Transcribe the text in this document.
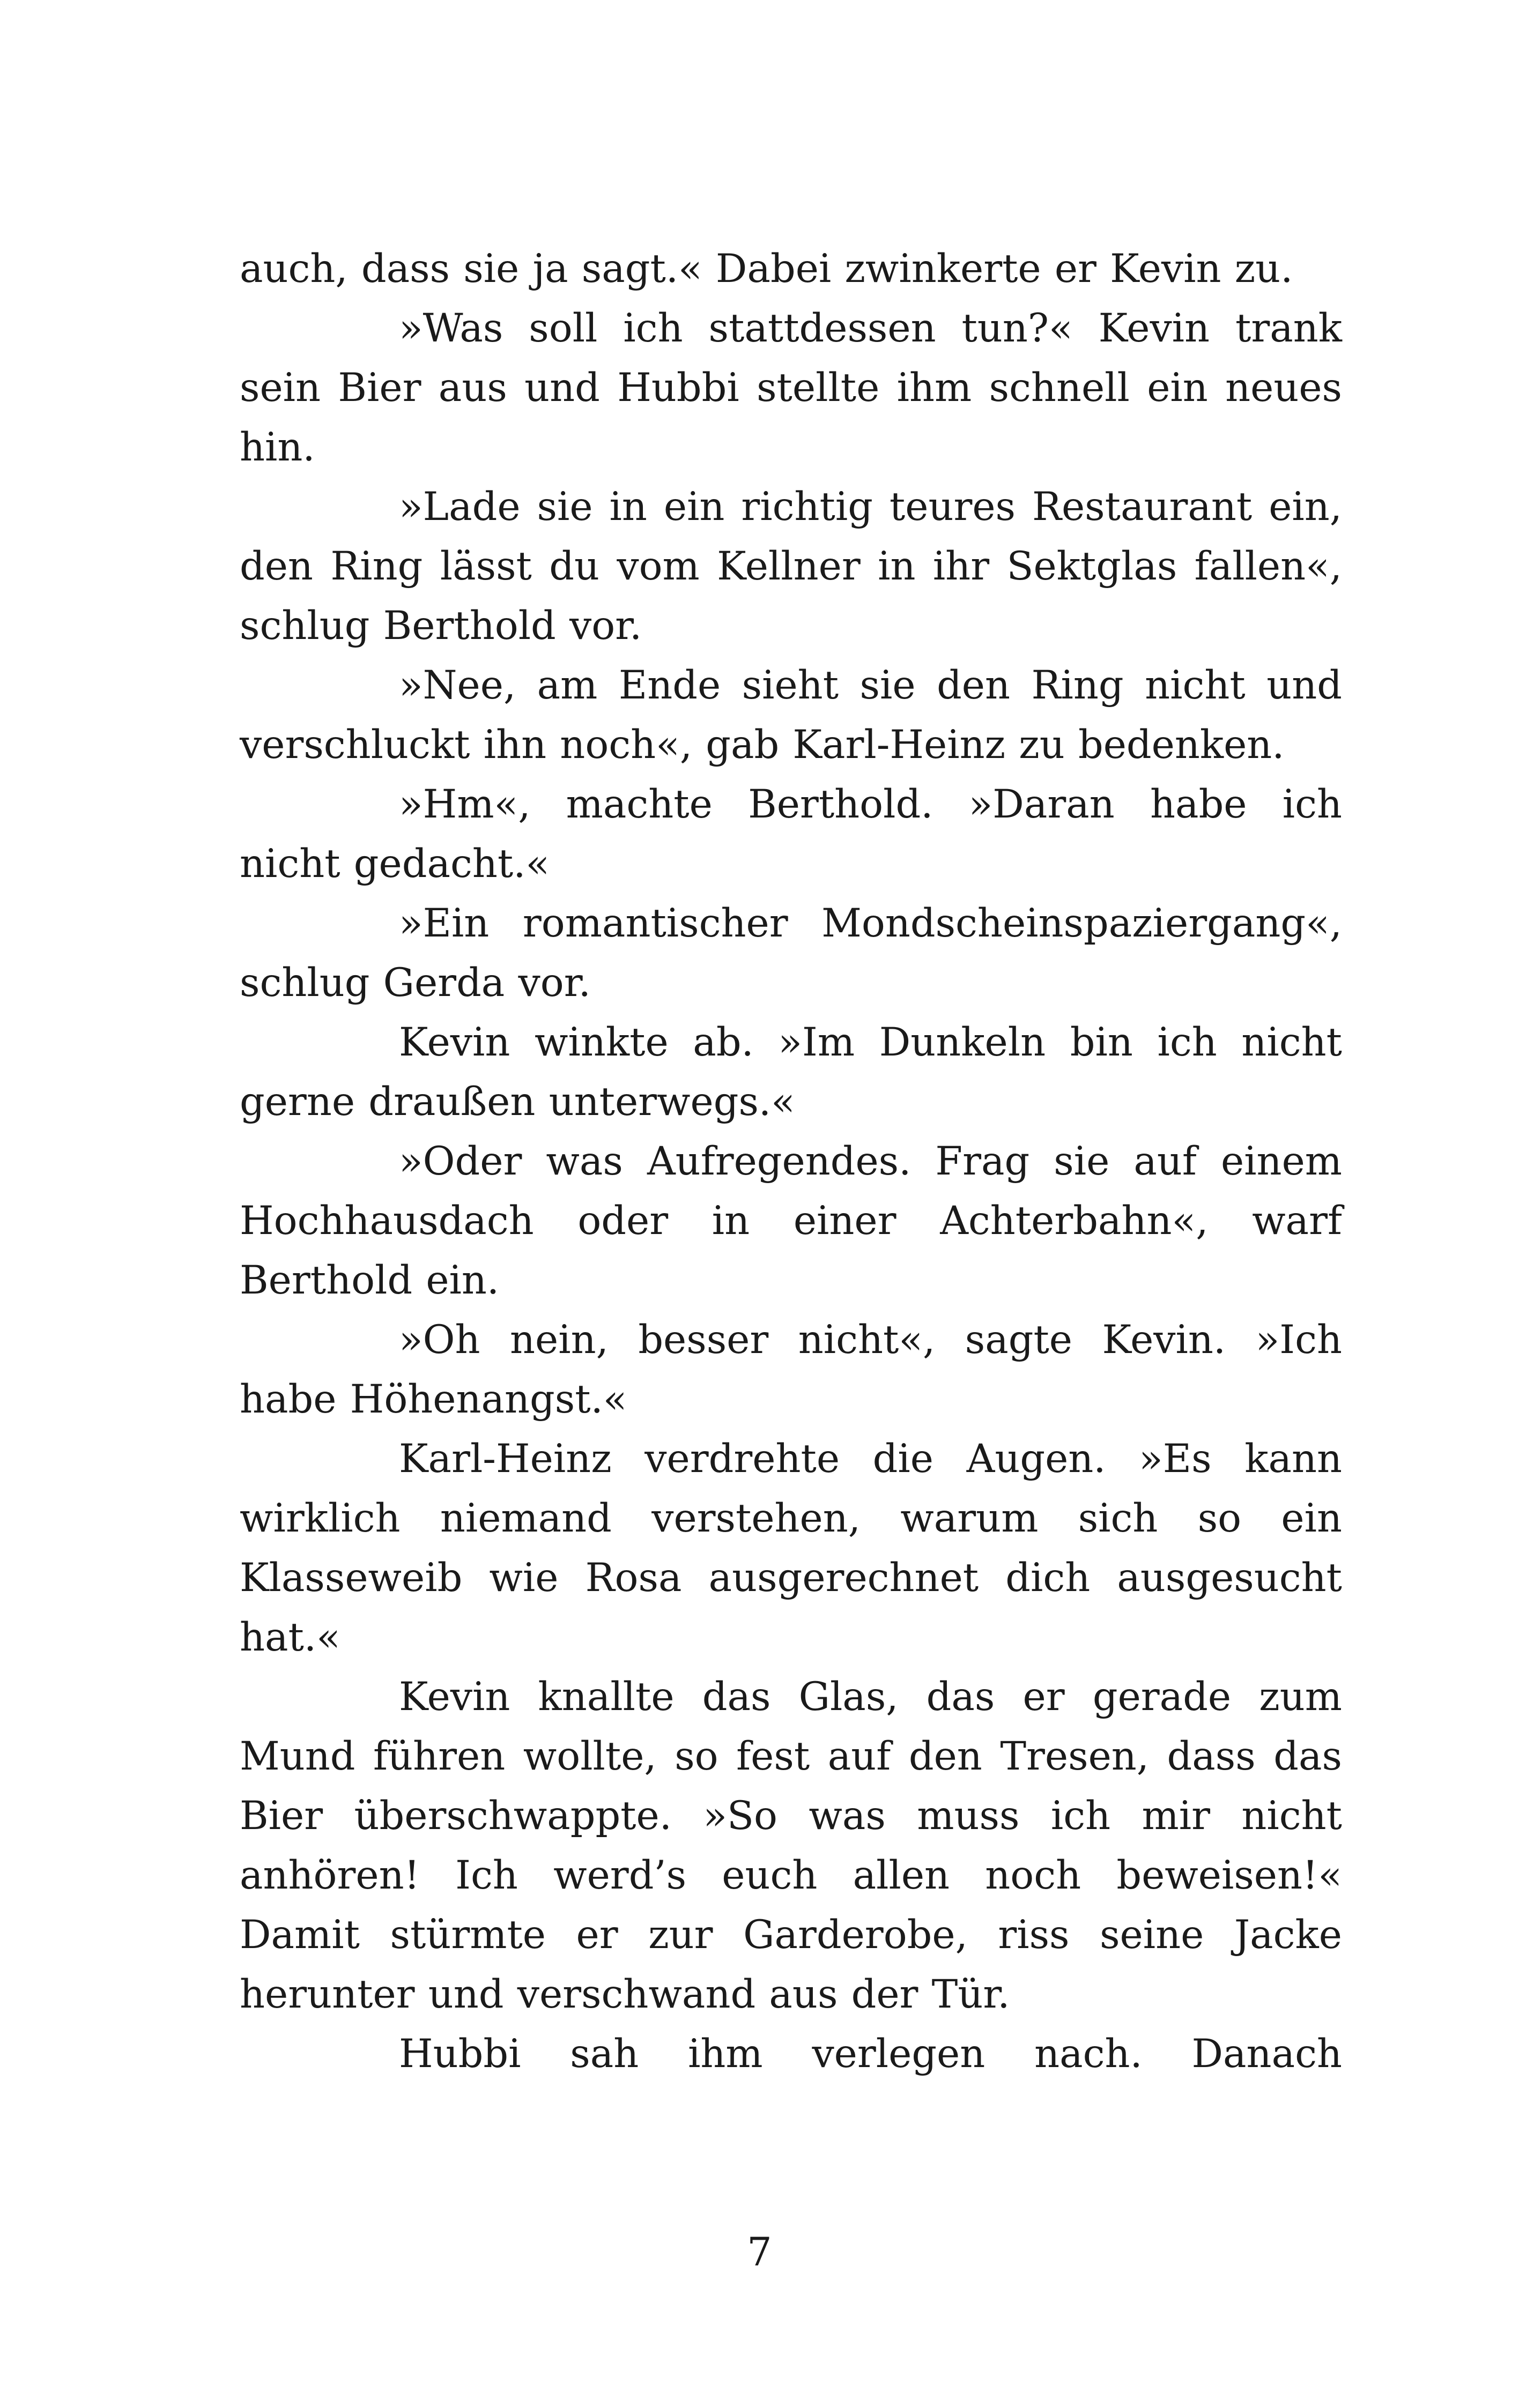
auch, dass sie ja sagt.« Dabei zwinkerte er Kevin zu.

»Was soll ich stattdessen tun?« Kevin trank sein Bier aus und Hubbi stellte ihm schnell ein neues hin.

»Lade sie in ein richtig teures Restaurant ein, den Ring lässt du vom Kellner in ihr Sektglas fallen«, schlug Berthold vor.

»Nee, am Ende sieht sie den Ring nicht und verschluckt ihn noch«, gab Karl-Heinz zu bedenken.

»Hm«, machte Berthold. »Daran habe ich nicht gedacht.«

»Ein romantischer Mondscheinspaziergang«, schlug Gerda vor.

Kevin winkte ab. »Im Dunkeln bin ich nicht gerne draußen unterwegs.«

»Oder was Aufregendes. Frag sie auf einem Hochhausdach oder in einer Achterbahn«, warf Berthold ein.

»Oh nein, besser nicht«, sagte Kevin. »Ich habe Höhenangst.«

Karl-Heinz verdrehte die Augen. »Es kann wirklich niemand verstehen, warum sich so ein Klasseweib wie Rosa ausgerechnet dich ausgesucht hat.«

Kevin knallte das Glas, das er gerade zum Mund führen wollte, so fest auf den Tresen, dass das Bier überschwappte. »So was muss ich mir nicht anhören! Ich werd’s euch allen noch beweisen!« Damit stürmte er zur Garderobe, riss seine Jacke herunter und verschwand aus der Tür.

Hubbi sah ihm verlegen nach. Danach

7
